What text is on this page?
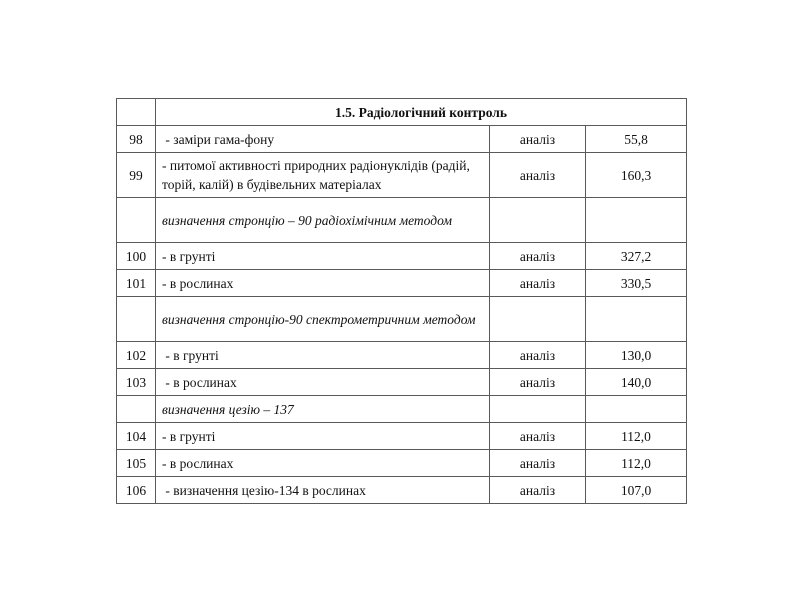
	1.5. Радіологічний контроль		
98	- заміри гама-фону	аналіз	55,8
99	- питомої активності природних радіонуклідів (радій, торій, калій) в будівельних матеріалах	аналіз	160,3
	визначення стронцію – 90 радіохімічним методом		
100	- в грунті	аналіз	327,2
101	- в рослинах	аналіз	330,5
	визначення стронцію-90 спектрометричним методом		
102	- в грунті	аналіз	130,0
103	- в рослинах	аналіз	140,0
	визначення цезію – 137		
104	- в грунті	аналіз	112,0
105	- в рослинах	аналіз	112,0
106	- визначення цезію-134 в рослинах	аналіз	107,0
